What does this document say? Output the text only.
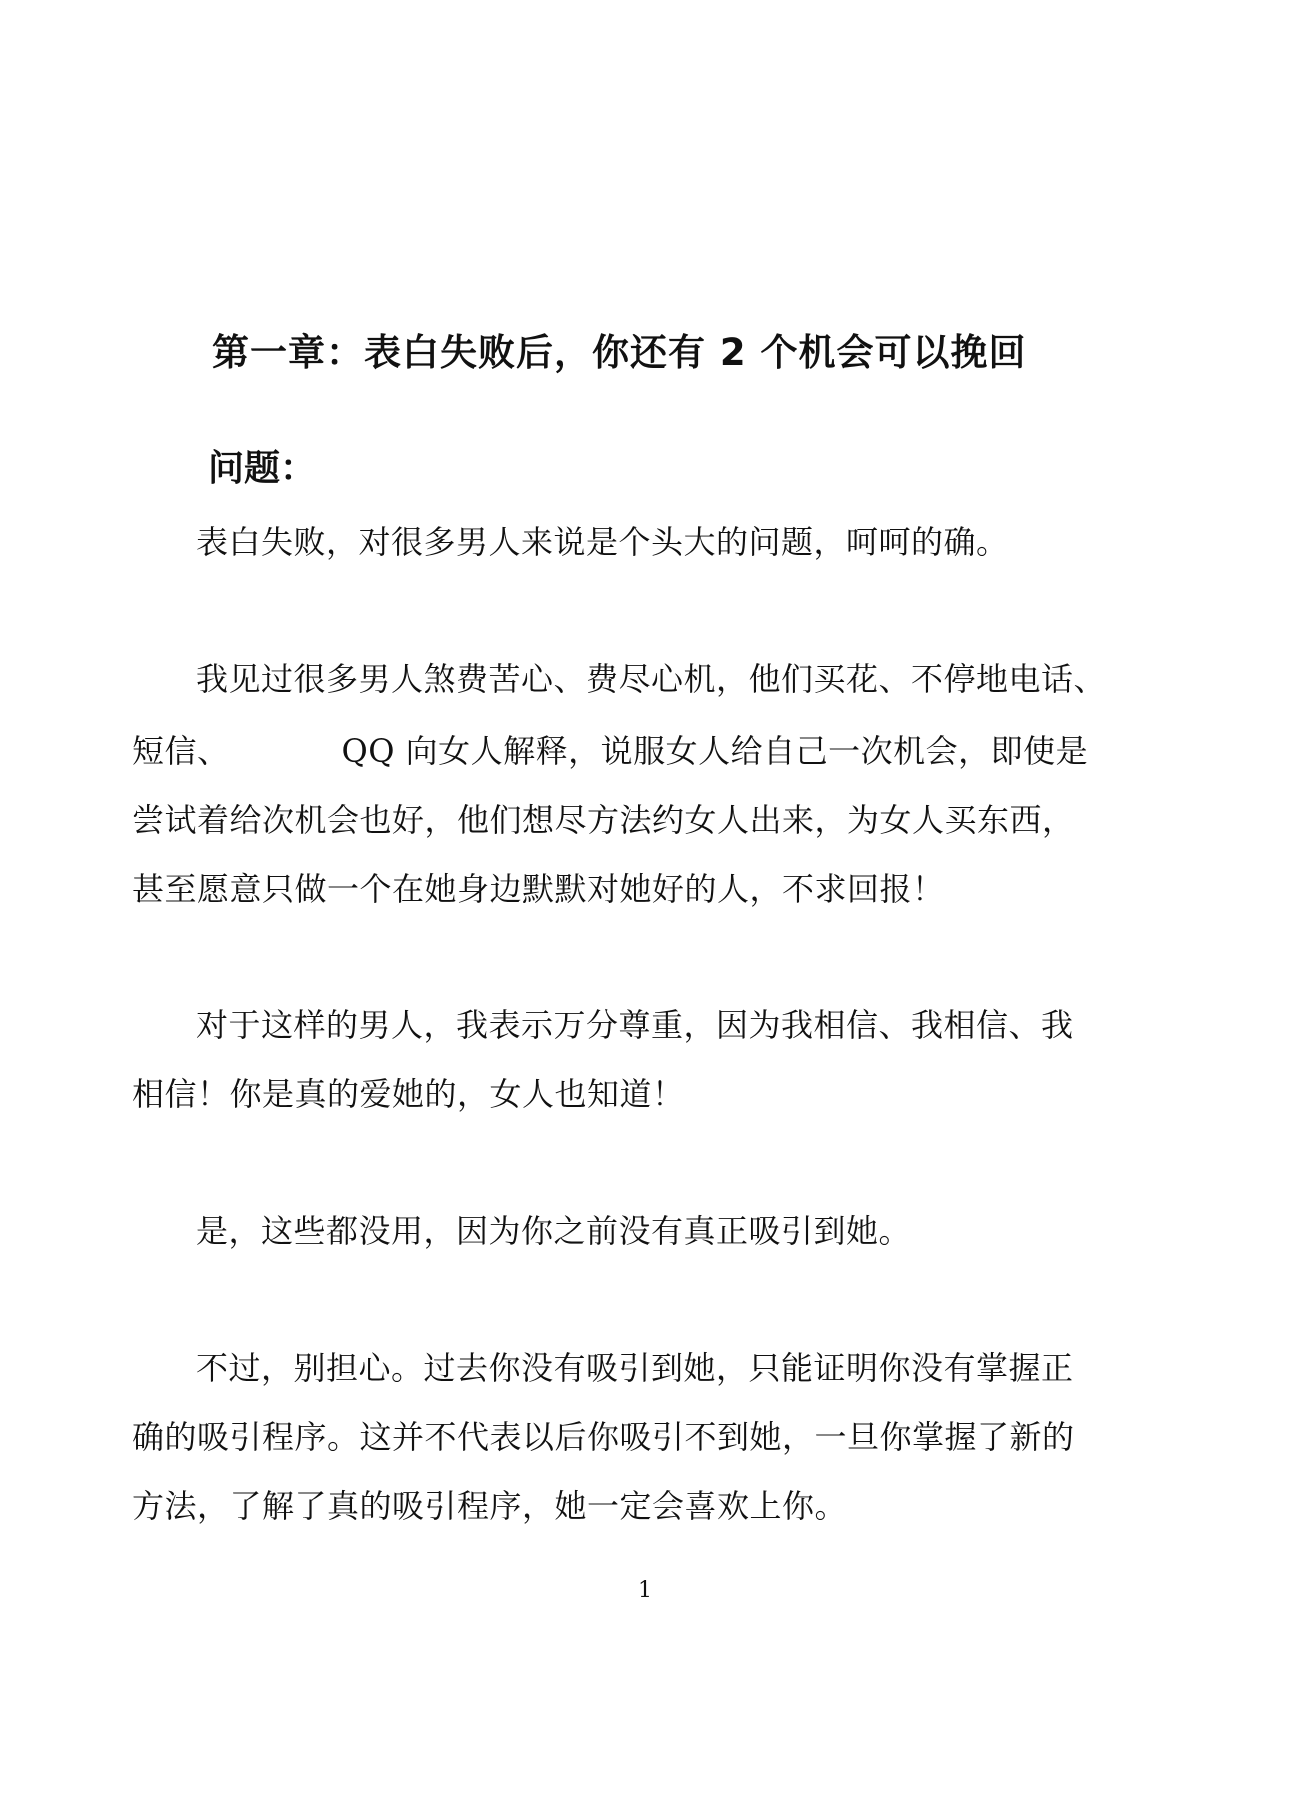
第一章：表白失败后，你还有 2 个机会可以挽回
问题：
表白失败，对很多男人来说是个头大的问题，呵呵的确。
我见过很多男人煞费苦心、费尽心机，他们买花、不停地电话、
短信、	QQ 向女人解释，说服女人给自己一次机会，即使是
尝试着给次机会也好，他们想尽方法约女人出来，为女人买东西，
甚至愿意只做一个在她身边默默对她好的人，不求回报！
对于这样的男人，我表示万分尊重，因为我相信、我相信、我
相信！你是真的爱她的，女人也知道！
是，这些都没用，因为你之前没有真正吸引到她。
不过，别担心。过去你没有吸引到她，只能证明你没有掌握正
确的吸引程序。这并不代表以后你吸引不到她，一旦你掌握了新的
方法，了解了真的吸引程序，她一定会喜欢上你。
1
